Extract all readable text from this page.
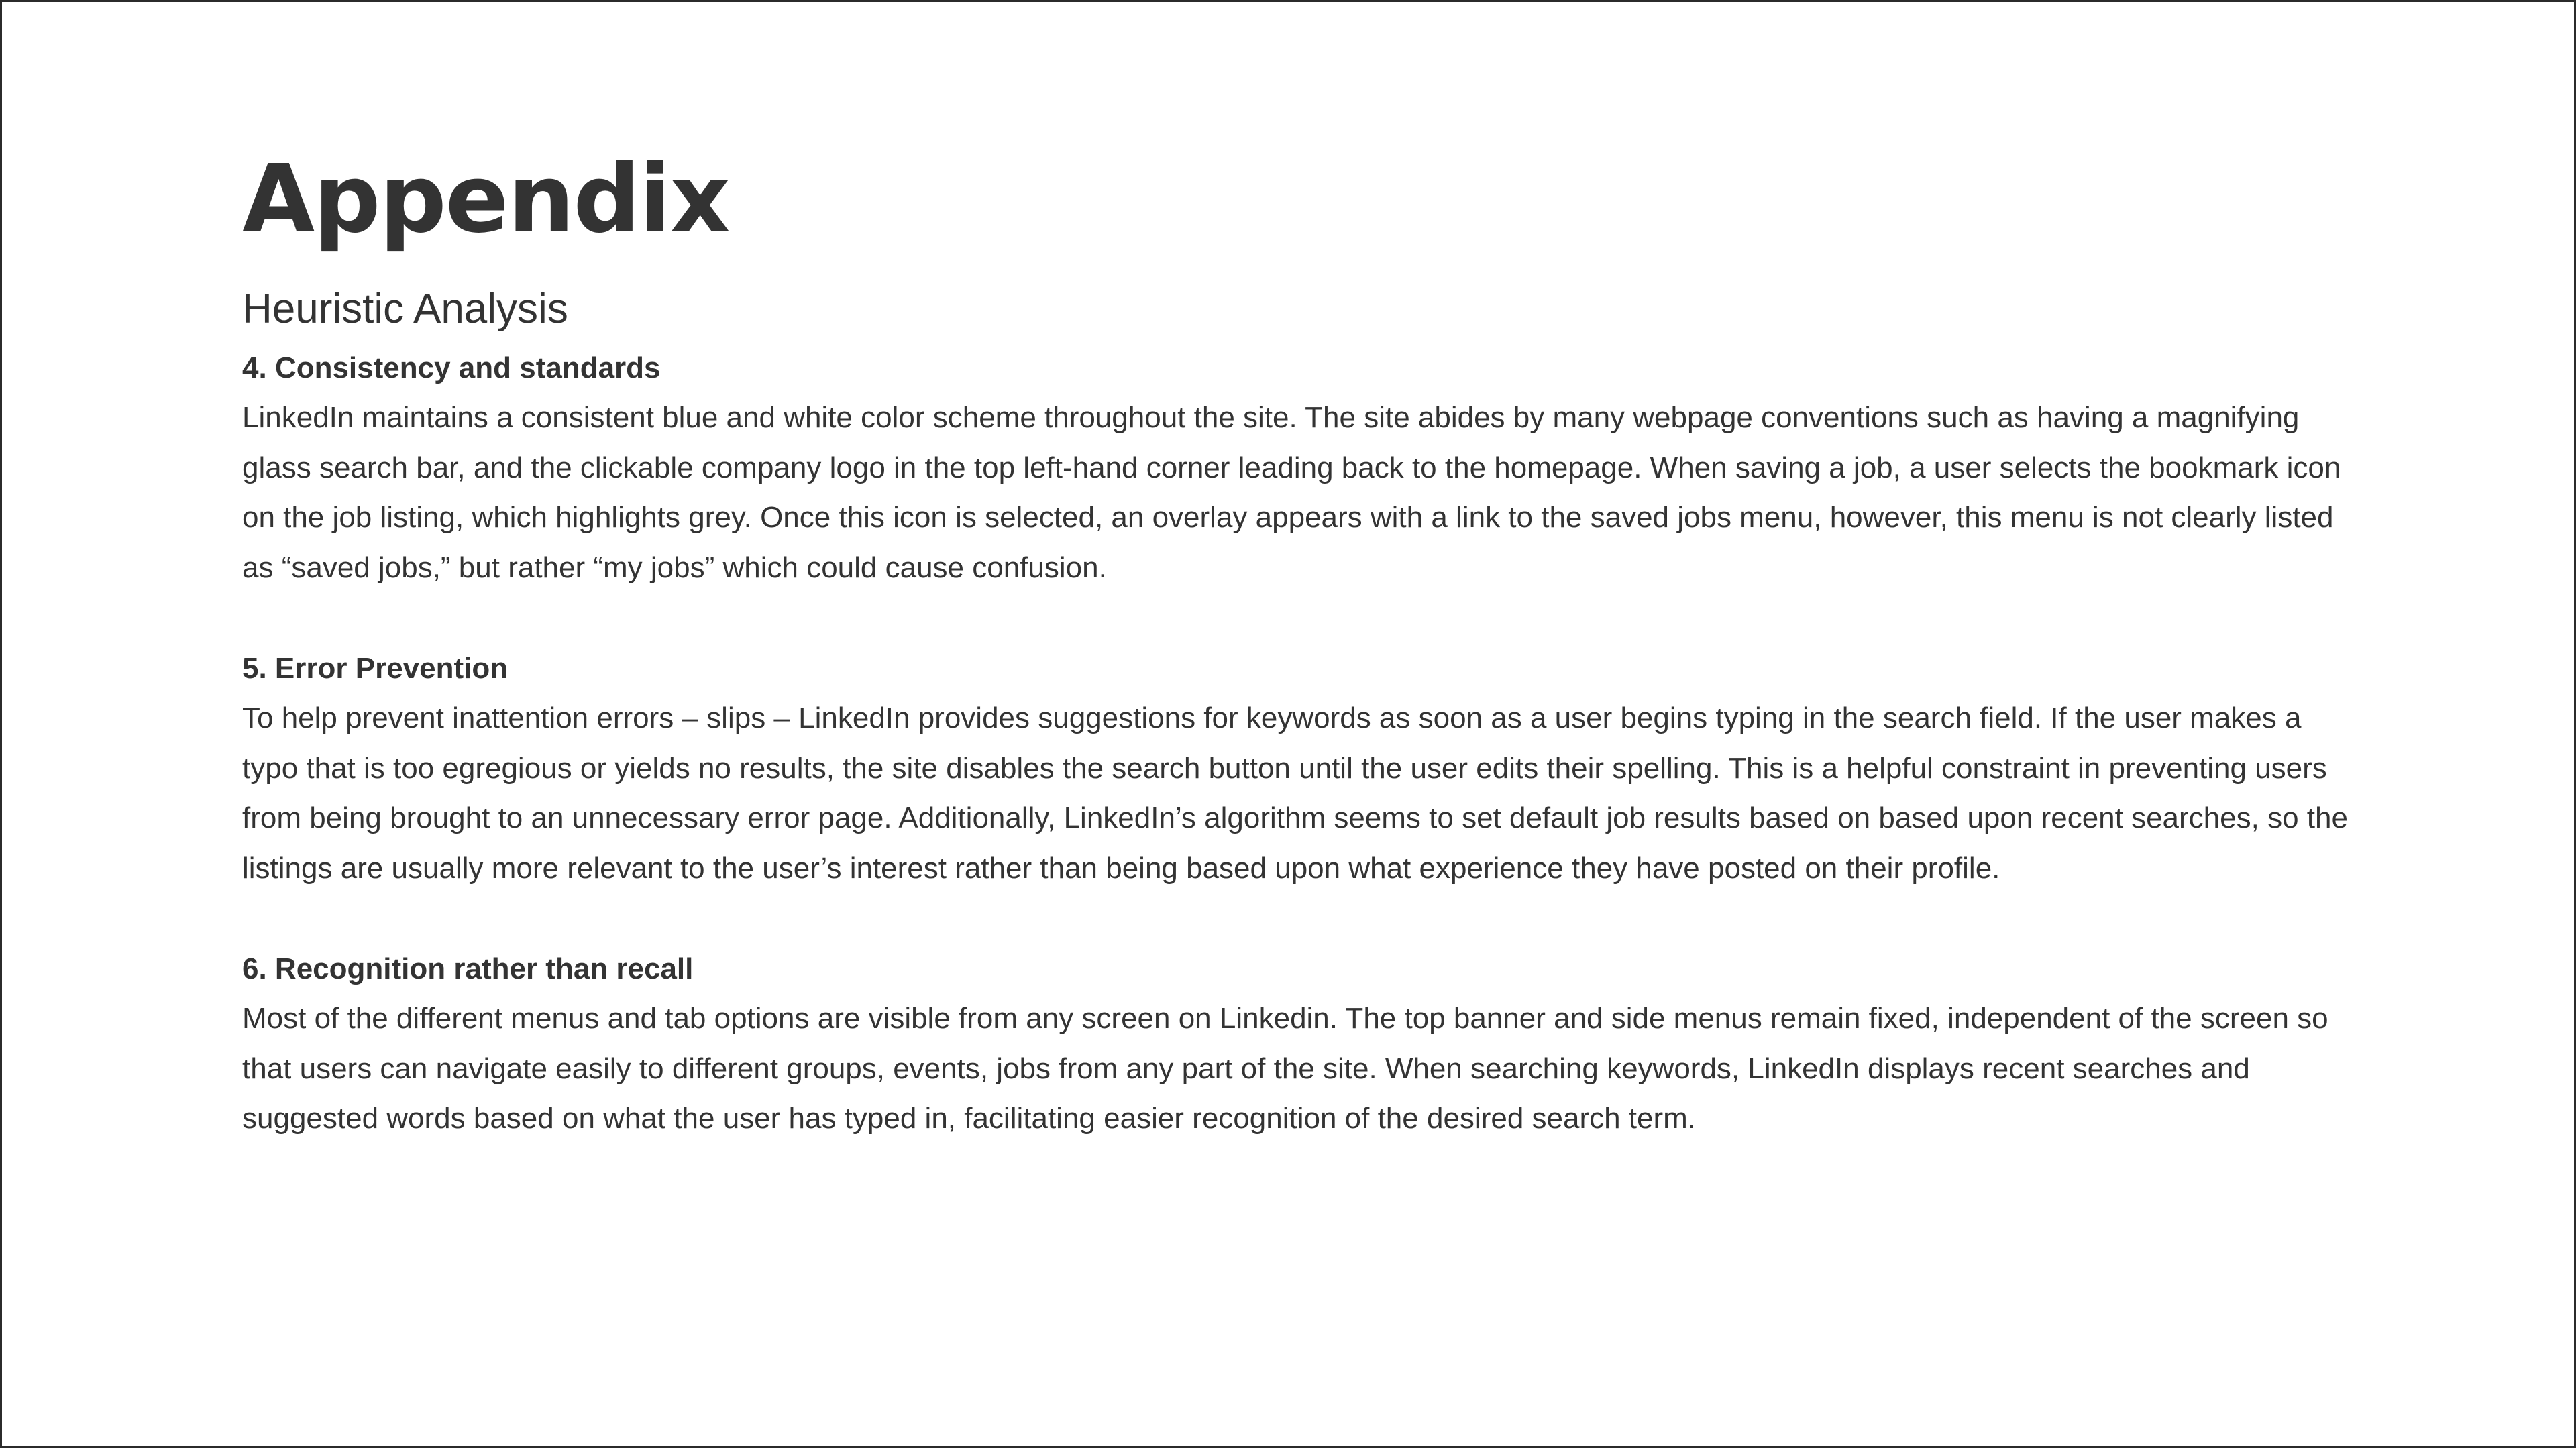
Appendix
Heuristic Analysis

4. Consistency and standards

LinkedIn maintains a consistent blue and white color scheme throughout the site. The site abides by many webpage conventions such as having a magnifying glass search bar, and the clickable company logo in the top left-hand corner leading back to the homepage. When saving a job, a user selects the bookmark icon on the job listing, which highlights grey. Once this icon is selected, an overlay appears with a link to the saved jobs menu, however, this menu is not clearly listed as “saved jobs,” but rather “my jobs” which could cause confusion.

5. Error Prevention

To help prevent inattention errors – slips – LinkedIn provides suggestions for keywords as soon as a user begins typing in the search field. If the user makes a typo that is too egregious or yields no results, the site disables the search button until the user edits their spelling. This is a helpful constraint in preventing users from being brought to an unnecessary error page. Additionally, LinkedIn’s algorithm seems to set default job results based on based upon recent searches, so the listings are usually more relevant to the user’s interest rather than being based upon what experience they have posted on their profile.

6. Recognition rather than recall

Most of the different menus and tab options are visible from any screen on Linkedin. The top banner and side menus remain fixed, independent of the screen so that users can navigate easily to different groups, events, jobs from any part of the site. When searching keywords, LinkedIn displays recent searches and suggested words based on what the user has typed in, facilitating easier recognition of the desired search term.
